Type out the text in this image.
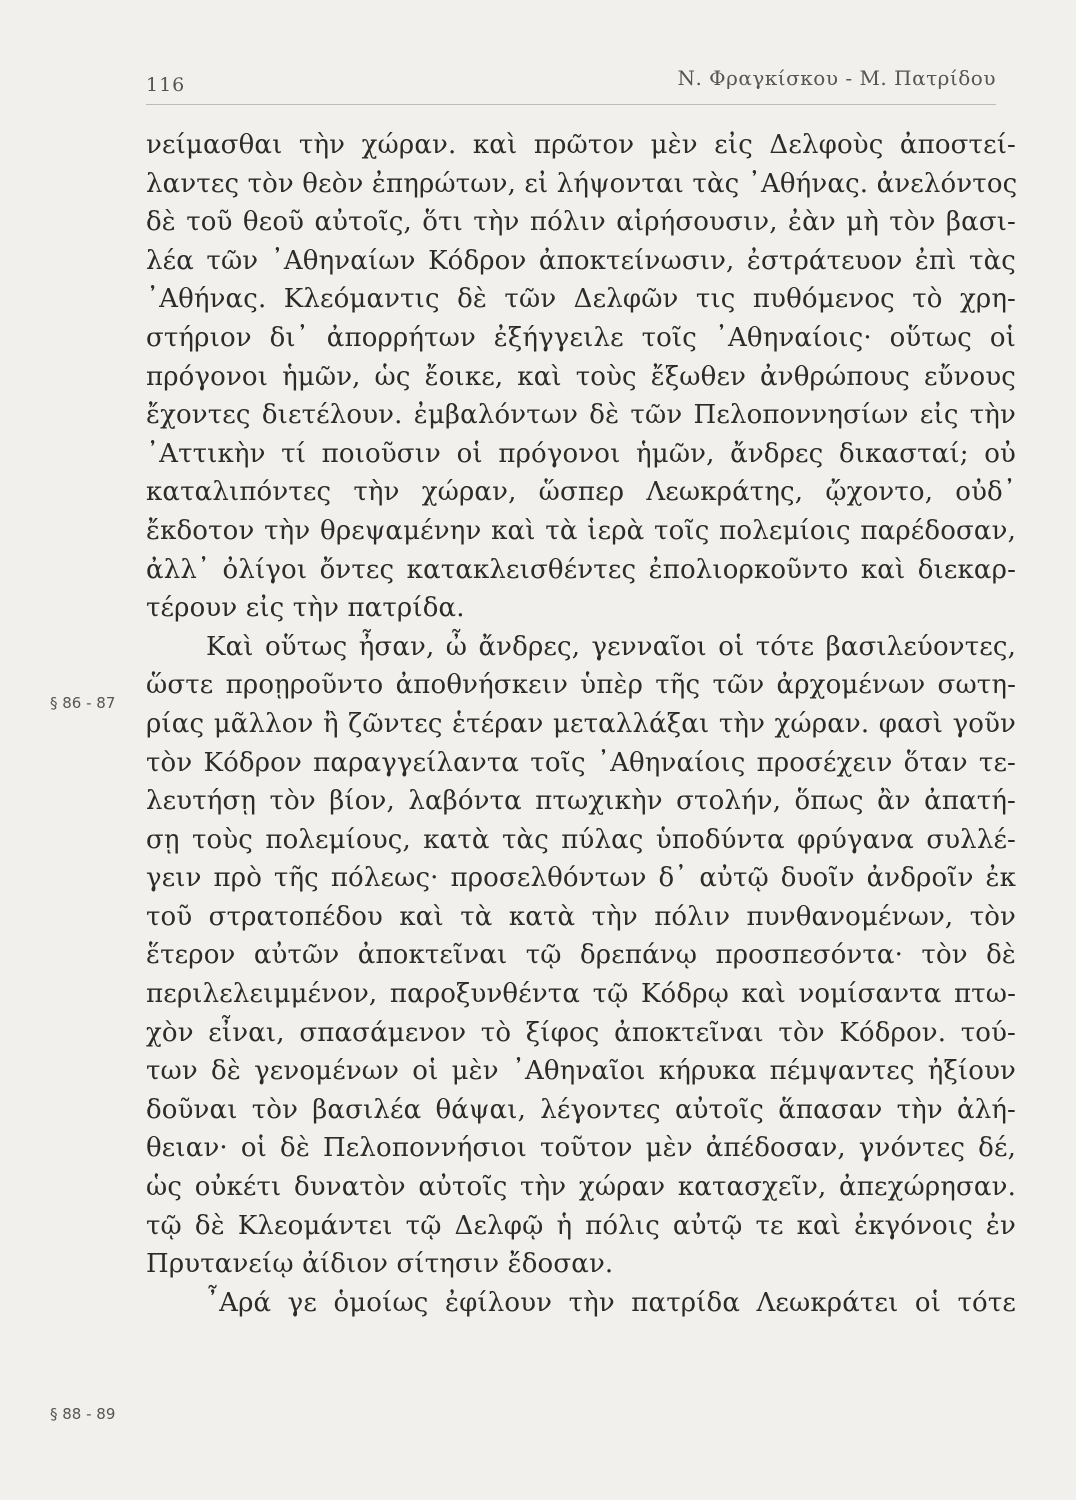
116	Ν. Φραγκίσκου - Μ. Πατρίδου
§ 86 - 87
§ 88 - 89
νείμασθαι τὴν χώραν. καὶ πρῶτον μὲν εἰς Δελφοὺς ἀποστεί-
λαντες τὸν θεὸν ἐπηρώτων, εἰ λήψονται τὰς ᾿Αθήνας. ἀνελόντος
δὲ τοῦ θεοῦ αὐτοῖς, ὅτι τὴν πόλιν αἱρήσουσιν, ἐὰν μὴ τὸν βασι-
λέα τῶν ᾿Αθηναίων Κόδρον ἀποκτείνωσιν, ἐστράτευον ἐπὶ τὰς
᾿Αθήνας. Κλεόμαντις δὲ τῶν Δελφῶν τις πυθόμενος τὸ χρη-
στήριον δι᾿ ἀπορρήτων ἐξήγγειλε τοῖς ᾿Αθηναίοις· οὕτως οἱ
πρόγονοι ἡμῶν, ὡς ἔοικε, καὶ τοὺς ἔξωθεν ἀνθρώπους εὔνους
ἔχοντες διετέλουν. ἐμβαλόντων δὲ τῶν Πελοποννησίων εἰς τὴν
᾿Αττικὴν τί ποιοῦσιν οἱ πρόγονοι ἡμῶν, ἄνδρες δικασταί; οὐ
καταλιπόντες τὴν χώραν, ὥσπερ Λεωκράτης, ᾤχοντο, οὐδ᾿
ἔκδοτον τὴν θρεψαμένην καὶ τὰ ἱερὰ τοῖς πολεμίοις παρέδοσαν,
ἀλλ᾿ ὀλίγοι ὄντες κατακλεισθέντες ἐπολιορκοῦντο καὶ διεκαρ-
τέρουν εἰς τὴν πατρίδα.
Καὶ οὕτως ἦσαν, ὦ ἄνδρες, γενναῖοι οἱ τότε βασιλεύοντες,
ὥστε προῃροῦντο ἀποθνήσκειν ὑπὲρ τῆς τῶν ἀρχομένων σωτη-
ρίας μᾶλλον ἢ ζῶντες ἑτέραν μεταλλάξαι τὴν χώραν. φασὶ γοῦν
τὸν Κόδρον παραγγείλαντα τοῖς ᾿Αθηναίοις προσέχειν ὅταν τε-
λευτήσῃ τὸν βίον, λαβόντα πτωχικὴν στολήν, ὅπως ἂν ἀπατή-
σῃ τοὺς πολεμίους, κατὰ τὰς πύλας ὑποδύντα φρύγανα συλλέ-
γειν πρὸ τῆς πόλεως· προσελθόντων δ᾿ αὐτῷ δυοῖν ἀνδροῖν ἐκ
τοῦ στρατοπέδου καὶ τὰ κατὰ τὴν πόλιν πυνθανομένων, τὸν
ἕτερον αὐτῶν ἀποκτεῖναι τῷ δρεπάνῳ προσπεσόντα· τὸν δὲ
περιλελειμμένον, παροξυνθέντα τῷ Κόδρῳ καὶ νομίσαντα πτω-
χὸν εἶναι, σπασάμενον τὸ ξίφος ἀποκτεῖναι τὸν Κόδρον. τού-
των δὲ γενομένων οἱ μὲν ᾿Αθηναῖοι κήρυκα πέμψαντες ἠξίουν
δοῦναι τὸν βασιλέα θάψαι, λέγοντες αὐτοῖς ἅπασαν τὴν ἀλή-
θειαν· οἱ δὲ Πελοποννήσιοι τοῦτον μὲν ἀπέδοσαν, γνόντες δέ,
ὡς οὐκέτι δυνατὸν αὐτοῖς τὴν χώραν κατασχεῖν, ἀπεχώρησαν.
τῷ δὲ Κλεομάντει τῷ Δελφῷ ἡ πόλις αὐτῷ τε καὶ ἐκγόνοις ἐν
Πρυτανείῳ ἀίδιον σίτησιν ἔδοσαν.
῏Αρά γε ὁμοίως ἐφίλουν τὴν πατρίδα Λεωκράτει οἱ τότε
